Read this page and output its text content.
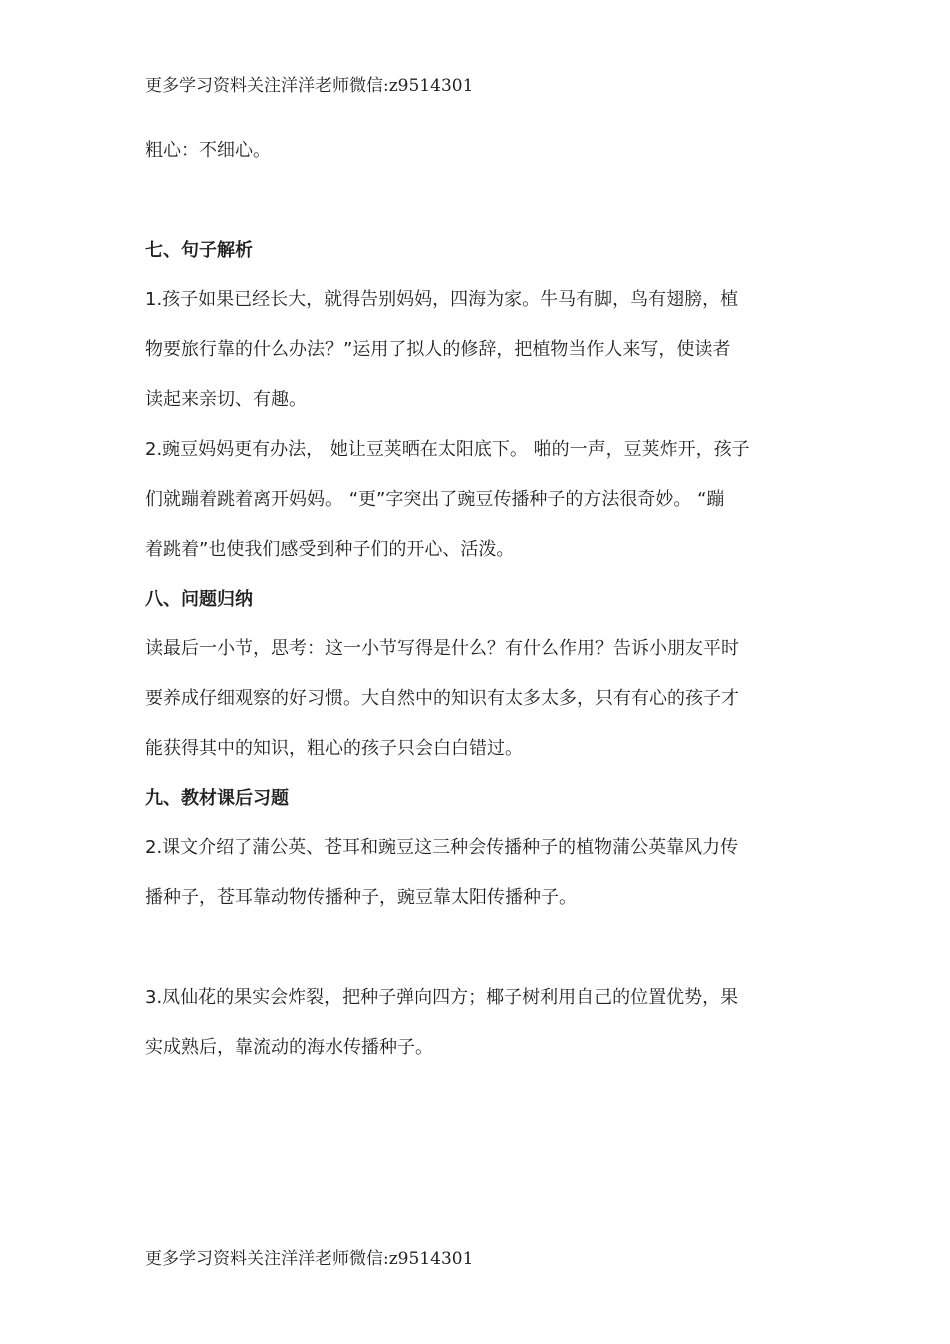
更多学习资料关注洋洋老师微信:z9514301
粗心：不细心。
七、句子解析
1.孩子如果已经长大，就得告别妈妈，四海为家。牛马有脚，鸟有翅膀，植
物要旅行靠的什么办法？”运用了拟人的修辞，把植物当作人来写，使读者
读起来亲切、有趣。
2.豌豆妈妈更有办法， 她让豆荚晒在太阳底下。 啪的一声，豆荚炸开，孩子
们就蹦着跳着离开妈妈。 “更”字突出了豌豆传播种子的方法很奇妙。 “蹦
着跳着”也使我们感受到种子们的开心、活泼。
八、问题归纳
读最后一小节，思考：这一小节写得是什么？有什么作用？告诉小朋友平时
要养成仔细观察的好习惯。大自然中的知识有太多太多，只有有心的孩子才
能获得其中的知识，粗心的孩子只会白白错过。
九、教材课后习题
2.课文介绍了蒲公英、苍耳和豌豆这三种会传播种子的植物蒲公英靠风力传
播种子，苍耳靠动物传播种子，豌豆靠太阳传播种子。
3.凤仙花的果实会炸裂，把种子弹向四方；椰子树利用自己的位置优势，果
实成熟后，靠流动的海水传播种子。
更多学习资料关注洋洋老师微信:z9514301
